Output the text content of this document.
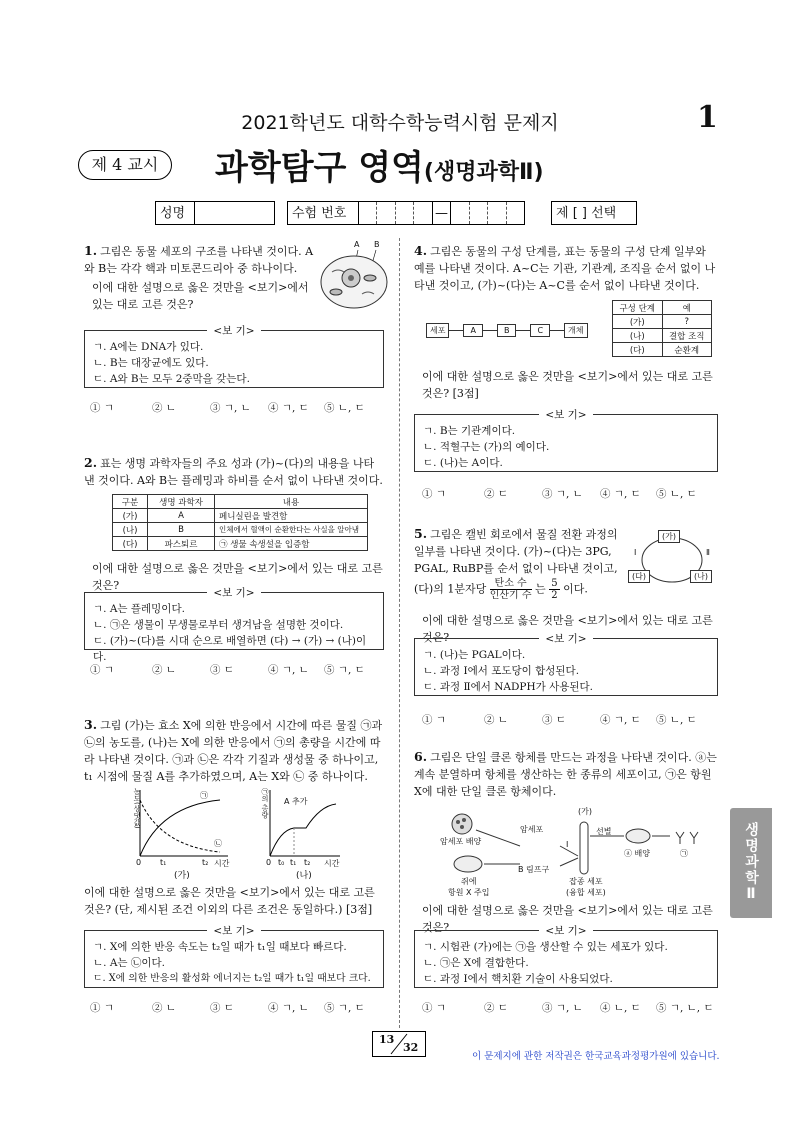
2021학년도 대학수학능력시험 문제지	1
제 4 교시	과학탐구 영역(생명과학Ⅱ)
성명	수험 번호	—	제 [ ] 선택
1. 그림은 동물 세포의 구조를 나타낸 것이다. A와 B는 각각 핵과 미토콘드리아 중 하나이다.
이에 대한 설명으로 옳은 것만을 <보기>에서 있는 대로 고른 것은?
A B
<보 기>
ㄱ. A에는 DNA가 있다.
ㄴ. B는 대장균에도 있다.
ㄷ. A와 B는 모두 2중막을 갖는다.
① ㄱ	② ㄴ	③ ㄱ, ㄴ	④ ㄱ, ㄷ	⑤ ㄴ, ㄷ
2. 표는 생명 과학자들의 주요 성과 (가)~(다)의 내용을 나타낸 것이다. A와 B는 플레밍과 하비를 순서 없이 나타낸 것이다.
구분	생명 과학자	내용
(가)	A	페니실린을 발견함
(나)	B	인체에서 혈액이 순환한다는 사실을 알아냄
(다)	파스퇴르	㉠ 생물 속생설을 입증함
이에 대한 설명으로 옳은 것만을 <보기>에서 있는 대로 고른 것은?
<보 기>
ㄱ. A는 플레밍이다.
ㄴ. ㉠은 생물이 무생물로부터 생겨남을 설명한 것이다.
ㄷ. (가)~(다)를 시대 순으로 배열하면 (다) → (가) → (나)이다.
① ㄱ	② ㄴ	③ ㄷ	④ ㄱ, ㄴ	⑤ ㄱ, ㄷ
3. 그림 (가)는 효소 X에 의한 반응에서 시간에 따른 물질 ㉠과 ㉡의 농도를, (나)는 X에 의한 반응에서 ㉠의 총량을 시간에 따라 나타낸 것이다. ㉠과 ㉡은 각각 기질과 생성물 중 하나이고, t₁ 시점에 물질 A를 추가하였으며, A는 X와 ㉡ 중 하나이다.
농도(상댓값)	㉠
㉡
0 t₁	t₂ 시간
㉠의 총량 A 추가
0 t₀ t₁ t₂ 시간
(가)	(나)
이에 대한 설명으로 옳은 것만을 <보기>에서 있는 대로 고른 것은? (단, 제시된 조건 이외의 다른 조건은 동일하다.) [3점]
<보 기>
ㄱ. X에 의한 반응 속도는 t₂일 때가 t₁일 때보다 빠르다.
ㄴ. A는 ㉡이다.
ㄷ. X에 의한 반응의 활성화 에너지는 t₂일 때가 t₁일 때보다 크다.
① ㄱ	② ㄴ	③ ㄷ	④ ㄱ, ㄴ	⑤ ㄱ, ㄷ
4. 그림은 동물의 구성 단계를, 표는 동물의 구성 단계 일부와 예를 나타낸 것이다. A~C는 기관, 기관계, 조직을 순서 없이 나타낸 것이고, (가)~(다)는 A~C를 순서 없이 나타낸 것이다.
세포	A	B	C	개체
구성 단계	예
(가)	?
(나)	결합 조직
(다)	순환계
이에 대한 설명으로 옳은 것만을 <보기>에서 있는 대로 고른 것은? [3점]
<보 기>
ㄱ. B는 기관계이다.
ㄴ. 적혈구는 (가)의 예이다.
ㄷ. (나)는 A이다.
① ㄱ	② ㄷ	③ ㄱ, ㄴ	④ ㄱ, ㄷ	⑤ ㄴ, ㄷ
5. 그림은 캘빈 회로에서 물질 전환 과정의 일부를 나타낸 것이다. (가)~(다)는 3PG, PGAL, RuBP를 순서 없이 나타낸 것이고,
(다)의 1분자당 탄소 수
인산기 수 는 $\frac{5}{2}$ 이다.
(가)
(다)	(나)
Ⅰ	Ⅱ
이에 대한 설명으로 옳은 것만을 <보기>에서 있는 대로 고른 것은?	<보 기>
ㄱ. (나)는 PGAL이다.
ㄴ. 과정 Ⅰ에서 포도당이 합성된다.
ㄷ. 과정 Ⅱ에서 NADPH가 사용된다.
① ㄱ	② ㄴ	③ ㄷ	④ ㄱ, ㄷ	⑤ ㄴ, ㄷ
6. 그림은 단일 클론 항체를 만드는 과정을 나타낸 것이다. ⓐ는 계속 분열하며 항체를 생산하는 한 종류의 세포이고, ㉠은 항원 X에 대한 단일 클론 항체이다.
(가)
암세포 배양
암세포
쥐에
항원 X 주입
B 림프구
잡종 세포
(융합 세포)
Ⅰ
선별
ⓐ 배양	㉠
이에 대한 설명으로 옳은 것만을 <보기>에서 있는 대로 고른 것은?	<보 기>
ㄱ. 시험관 (가)에는 ㉠을 생산할 수 있는 세포가 있다.
ㄴ. ㉠은 X에 결합한다.
ㄷ. 과정 Ⅰ에서 핵치환 기술이 사용되었다.
① ㄱ	② ㄷ	③ ㄱ, ㄴ	④ ㄴ, ㄷ	⑤ ㄱ, ㄴ, ㄷ
생명과학Ⅱ
13
32
이 문제지에 관한 저작권은 한국교육과정평가원에 있습니다.
